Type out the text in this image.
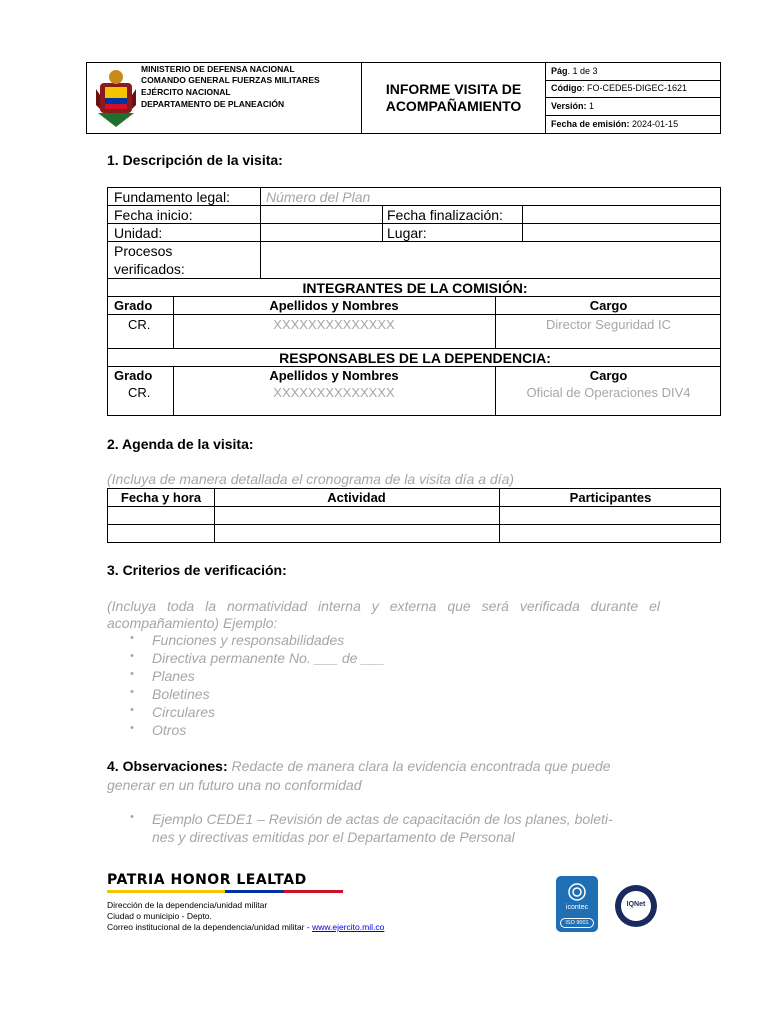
MINISTERIO DE DEFENSA NACIONAL
COMANDO GENERAL FUERZAS MILITARES
EJÉRCITO NACIONAL
DEPARTAMENTO DE PLANEACIÓN
INFORME VISITA DE
ACOMPAÑAMIENTO
Pág. 1 de 3
Código: FO-CEDE5-DIGEC-1621
Versión: 1
Fecha de emisión: 2024-01-15
1. Descripción de la visita:
Fundamento legal:	Número del Plan
Fecha inicio:	Fecha finalización:
Unidad:	Lugar:
Procesos
verificados:
INTEGRANTES DE LA COMISIÓN:
Grado	Apellidos y Nombres	Cargo
CR.	XXXXXXXXXXXXXX	Director Seguridad IC
RESPONSABLES DE LA DEPENDENCIA:
Grado	Apellidos y Nombres	Cargo
CR.	XXXXXXXXXXXXXX	Oficial de Operaciones DIV4
2. Agenda de la visita:
(Incluya de manera detallada el cronograma de la visita día a día)
Fecha y hora	Actividad	Participantes
3. Criterios de verificación:
(Incluya toda la normatividad interna y externa que será verificada durante el
acompañamiento) Ejemplo:
• Funciones y responsabilidades
• Directiva permanente No. ___ de ___
• Planes
• Boletines
• Circulares
• Otros
4. Observaciones: Redacte de manera clara la evidencia encontrada que puede
generar en un futuro una no conformidad
• Ejemplo CEDE1 – Revisión de actas de capacitación de los planes, boleti-
nes y directivas emitidas por el Departamento de Personal
PATRIA HONOR LEALTAD
Dirección de la dependencia/unidad militar
Ciudad o municipio - Depto.
Correo institucional de la dependencia/unidad militar - www.ejercito.mil.co
icontec
ISO 9001
IQNet
